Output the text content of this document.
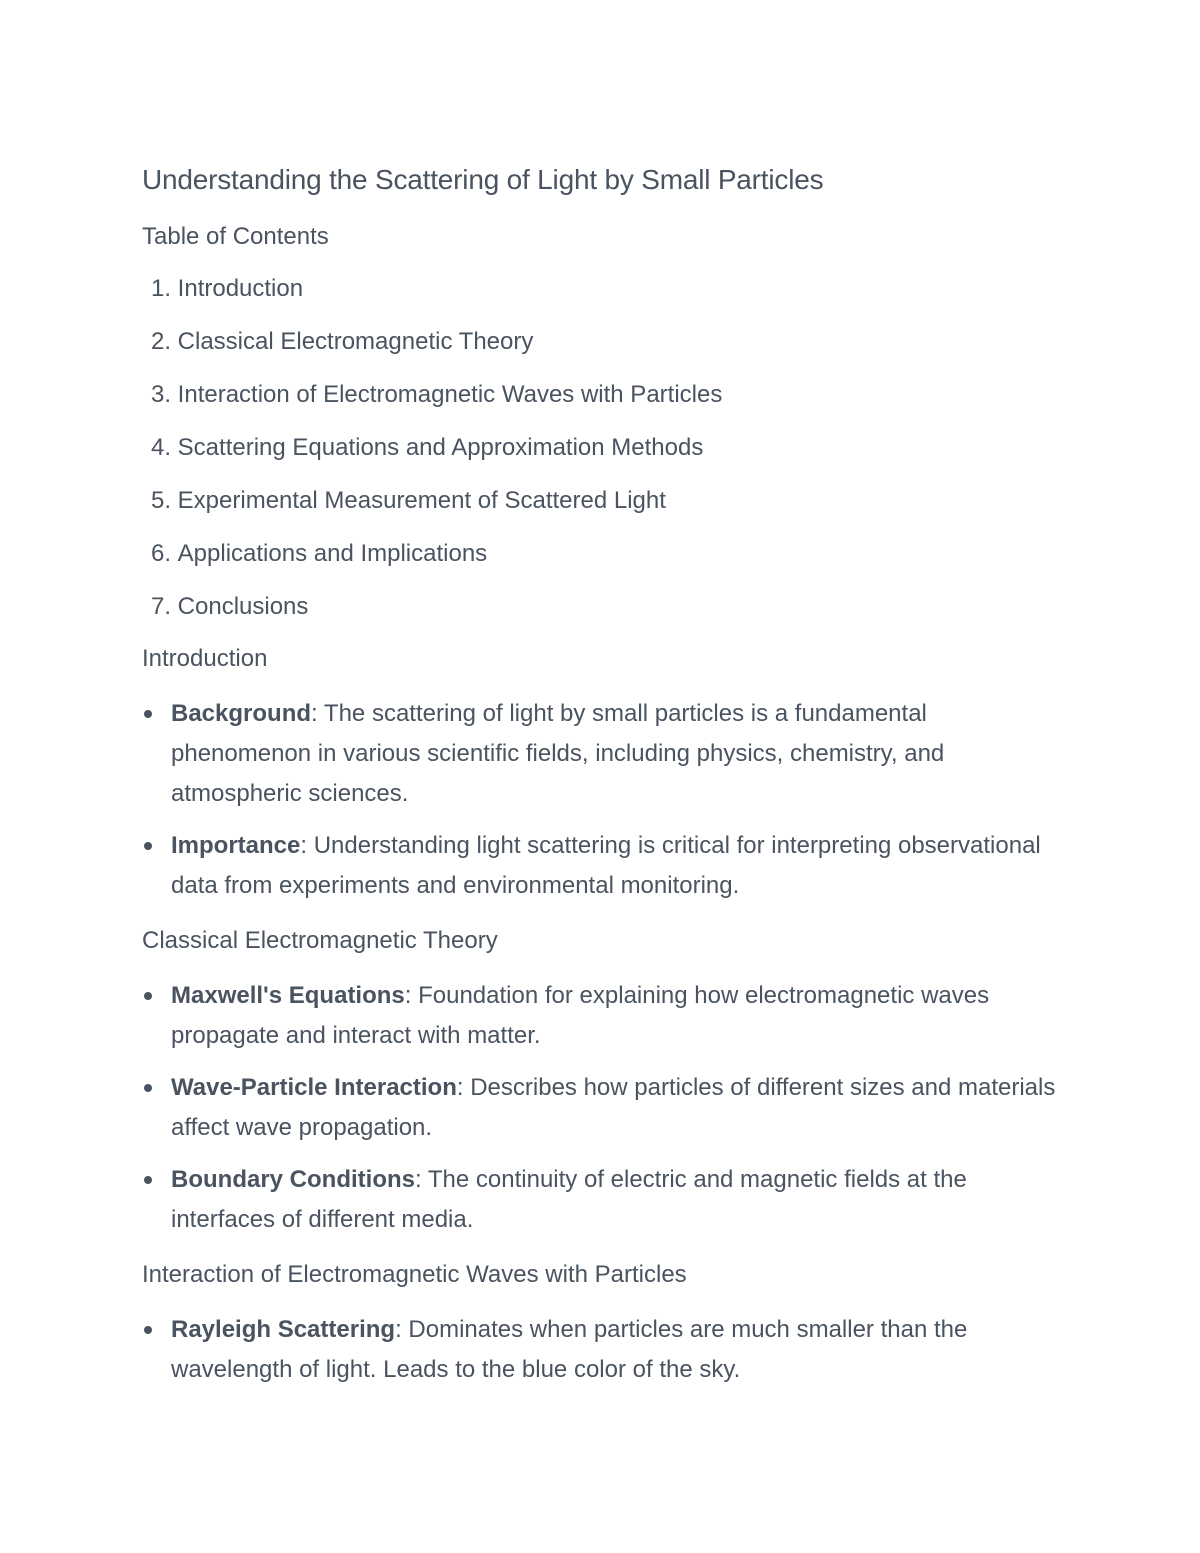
Understanding the Scattering of Light by Small Particles
Table of Contents
1. Introduction
2. Classical Electromagnetic Theory
3. Interaction of Electromagnetic Waves with Particles
4. Scattering Equations and Approximation Methods
5. Experimental Measurement of Scattered Light
6. Applications and Implications
7. Conclusions
Introduction
Background: The scattering of light by small particles is a fundamental phenomenon in various scientific fields, including physics, chemistry, and atmospheric sciences.
Importance: Understanding light scattering is critical for interpreting observational data from experiments and environmental monitoring.
Classical Electromagnetic Theory
Maxwell's Equations: Foundation for explaining how electromagnetic waves propagate and interact with matter.
Wave-Particle Interaction: Describes how particles of different sizes and materials affect wave propagation.
Boundary Conditions: The continuity of electric and magnetic fields at the interfaces of different media.
Interaction of Electromagnetic Waves with Particles
Rayleigh Scattering: Dominates when particles are much smaller than the wavelength of light. Leads to the blue color of the sky.
